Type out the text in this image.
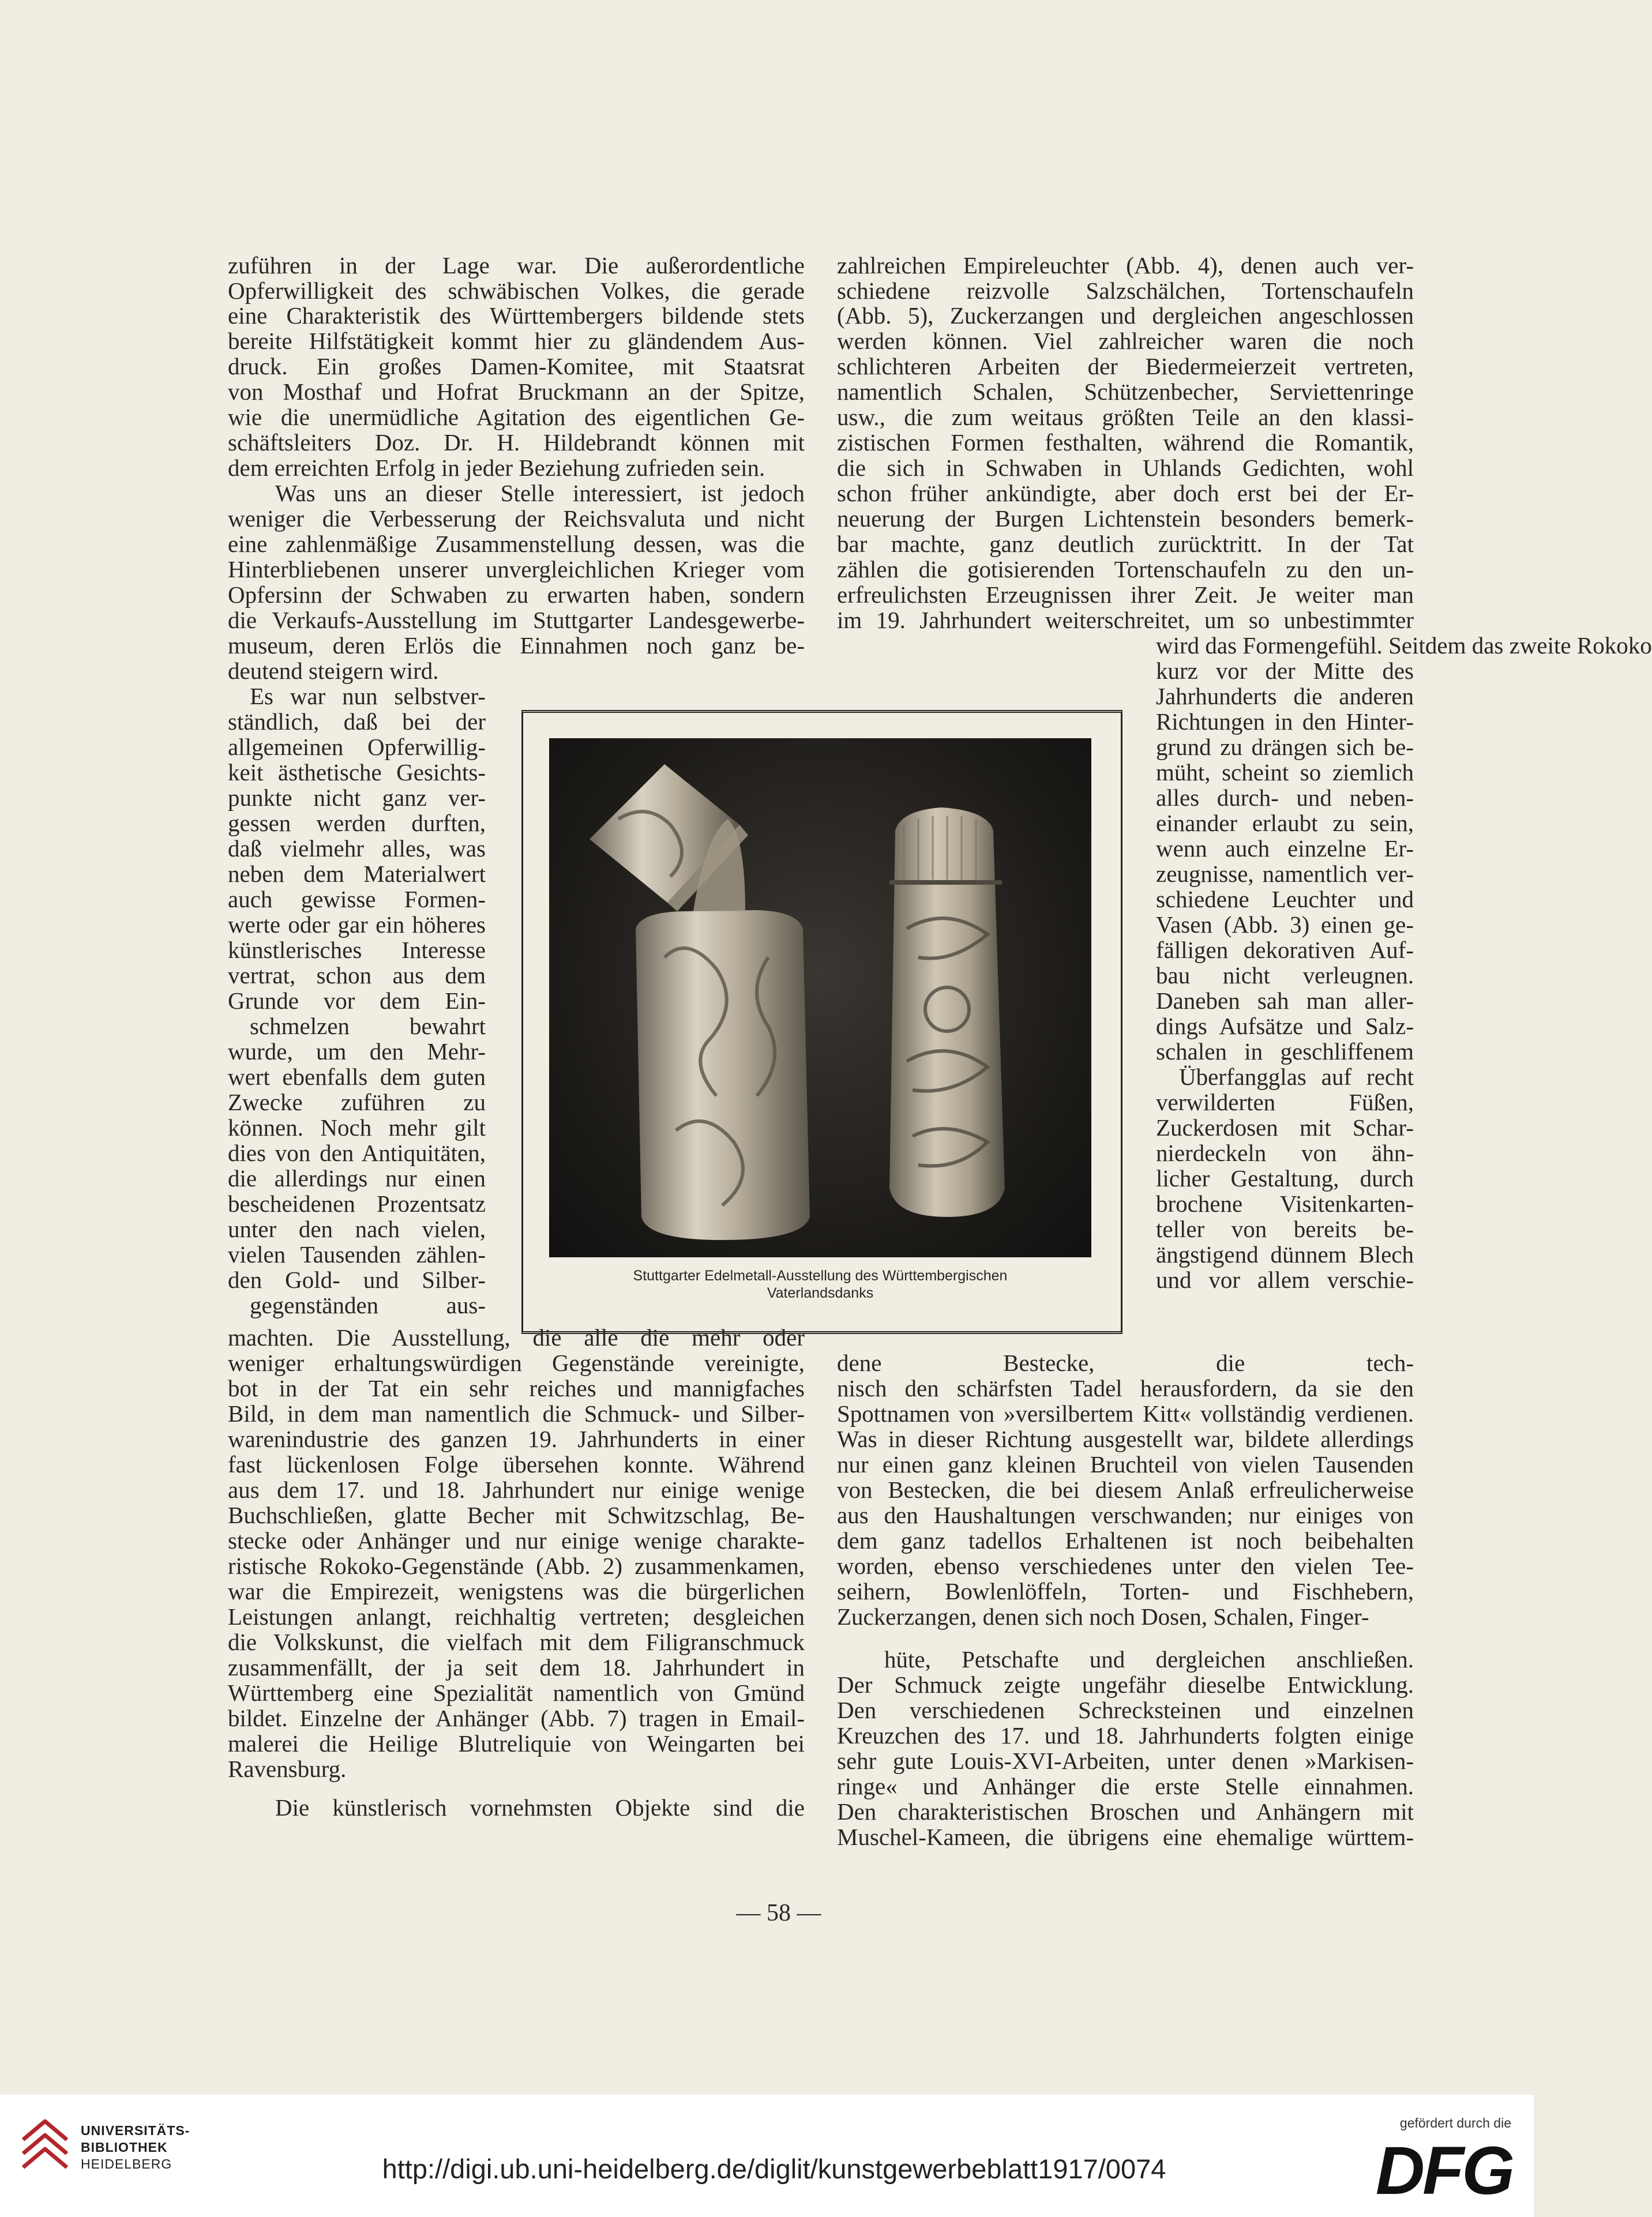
zuführen in der Lage war. Die außerordentliche
Opferwilligkeit des schwäbischen Volkes, die gerade
eine Charakteristik des Württembergers bildende stets
bereite Hilfstätigkeit kommt hier zu gländendem Aus-
druck. Ein großes Damen-Komitee, mit Staatsrat
von Mosthaf und Hofrat Bruckmann an der Spitze,
wie die unermüdliche Agitation des eigentlichen Ge-
schäftsleiters Doz. Dr. H. Hildebrandt können mit
dem erreichten Erfolg in jeder Beziehung zufrieden sein.
Was uns an dieser Stelle interessiert, ist jedoch
weniger die Verbesserung der Reichsvaluta und nicht
eine zahlenmäßige Zusammenstellung dessen, was die
Hinterbliebenen unserer unvergleichlichen Krieger vom
Opfersinn der Schwaben zu erwarten haben, sondern
die Verkaufs-Ausstellung im Stuttgarter Landesgewerbe-
museum, deren Erlös die Einnahmen noch ganz be-
deutend steigern wird.
Es war nun selbstver-
ständlich, daß bei der
allgemeinen Opferwillig-
keit ästhetische Gesichts-
punkte nicht ganz ver-
gessen werden durften,
daß vielmehr alles, was
neben dem Materialwert
auch gewisse Formen-
werte oder gar ein höheres
künstlerisches Interesse
vertrat, schon aus dem
Grunde vor dem Ein-
schmelzen bewahrt
wurde, um den Mehr-
wert ebenfalls dem guten
Zwecke zuführen zu
können. Noch mehr gilt
dies von den Antiquitäten,
die allerdings nur einen
bescheidenen Prozentsatz
unter den nach vielen,
vielen Tausenden zählen-
den Gold- und Silber-
gegenständen aus-
machten. Die Ausstellung, die alle die mehr oder
weniger erhaltungswürdigen Gegenstände vereinigte,
bot in der Tat ein sehr reiches und mannigfaches
Bild, in dem man namentlich die Schmuck- und Silber-
warenindustrie des ganzen 19. Jahrhunderts in einer
fast lückenlosen Folge übersehen konnte. Während
aus dem 17. und 18. Jahrhundert nur einige wenige
Buchschließen, glatte Becher mit Schwitzschlag, Be-
stecke oder Anhänger und nur einige wenige charakte-
ristische Rokoko-Gegenstände (Abb. 2) zusammenkamen,
war die Empirezeit, wenigstens was die bürgerlichen
Leistungen anlangt, reichhaltig vertreten; desgleichen
die Volkskunst, die vielfach mit dem Filigranschmuck
zusammenfällt, der ja seit dem 18. Jahrhundert in
Württemberg eine Spezialität namentlich von Gmünd
bildet. Einzelne der Anhänger (Abb. 7) tragen in Email-
malerei die Heilige Blutreliquie von Weingarten bei
Ravensburg.
Die künstlerisch vornehmsten Objekte sind die
zahlreichen Empireleuchter (Abb. 4), denen auch ver-
schiedene reizvolle Salzschälchen, Tortenschaufeln
(Abb. 5), Zuckerzangen und dergleichen angeschlossen
werden können. Viel zahlreicher waren die noch
schlichteren Arbeiten der Biedermeierzeit vertreten,
namentlich Schalen, Schützenbecher, Serviettenringe
usw., die zum weitaus größten Teile an den klassi-
zistischen Formen festhalten, während die Romantik,
die sich in Schwaben in Uhlands Gedichten, wohl
schon früher ankündigte, aber doch erst bei der Er-
neuerung der Burgen Lichtenstein besonders bemerk-
bar machte, ganz deutlich zurücktritt. In der Tat
zählen die gotisierenden Tortenschaufeln zu den un-
erfreulichsten Erzeugnissen ihrer Zeit. Je weiter man
im 19. Jahrhundert weiterschreitet, um so unbestimmter
wird das Formengefühl. Seitdem das zweite Rokoko
kurz vor der Mitte des
Jahrhunderts die anderen
Richtungen in den Hinter-
grund zu drängen sich be-
müht, scheint so ziemlich
alles durch- und neben-
einander erlaubt zu sein,
wenn auch einzelne Er-
zeugnisse, namentlich ver-
schiedene Leuchter und
Vasen (Abb. 3) einen ge-
fälligen dekorativen Auf-
bau nicht verleugnen.
Daneben sah man aller-
dings Aufsätze und Salz-
schalen in geschliffenem
Überfangglas auf recht
verwilderten Füßen,
Zuckerdosen mit Schar-
nierdeckeln von ähn-
licher Gestaltung, durch
brochene Visitenkarten-
teller von bereits be-
ängstigend dünnem Blech
und vor allem verschie-
dene Bestecke, die tech-
nisch den schärfsten Tadel herausfordern, da sie den
Spottnamen von »versilbertem Kitt« vollständig verdienen.
Was in dieser Richtung ausgestellt war, bildete allerdings
nur einen ganz kleinen Bruchteil von vielen Tausenden
von Bestecken, die bei diesem Anlaß erfreulicherweise
aus den Haushaltungen verschwanden; nur einiges von
dem ganz tadellos Erhaltenen ist noch beibehalten
worden, ebenso verschiedenes unter den vielen Tee-
seihern, Bowlenlöffeln, Torten- und Fischhebern,
Zuckerzangen, denen sich noch Dosen, Schalen, Finger-
hüte, Petschafte und dergleichen anschließen.
Der Schmuck zeigte ungefähr dieselbe Entwicklung.
Den verschiedenen Schrecksteinen und einzelnen
Kreuzchen des 17. und 18. Jahrhunderts folgten einige
sehr gute Louis-XVI-Arbeiten, unter denen »Markisen-
ringe« und Anhänger die erste Stelle einnahmen.
Den charakteristischen Broschen und Anhängern mit
Muschel-Kameen, die übrigens eine ehemalige württem-
Stuttgarter Edelmetall-Ausstellung des Württembergischen
Vaterlandsdanks
— 58 —
UNIVERSITÄTS-
BIBLIOTHEK
HEIDELBERG	http://digi.ub.uni-heidelberg.de/diglit/kunstgewerbeblatt1917/0074
gefördert durch die
DFG
